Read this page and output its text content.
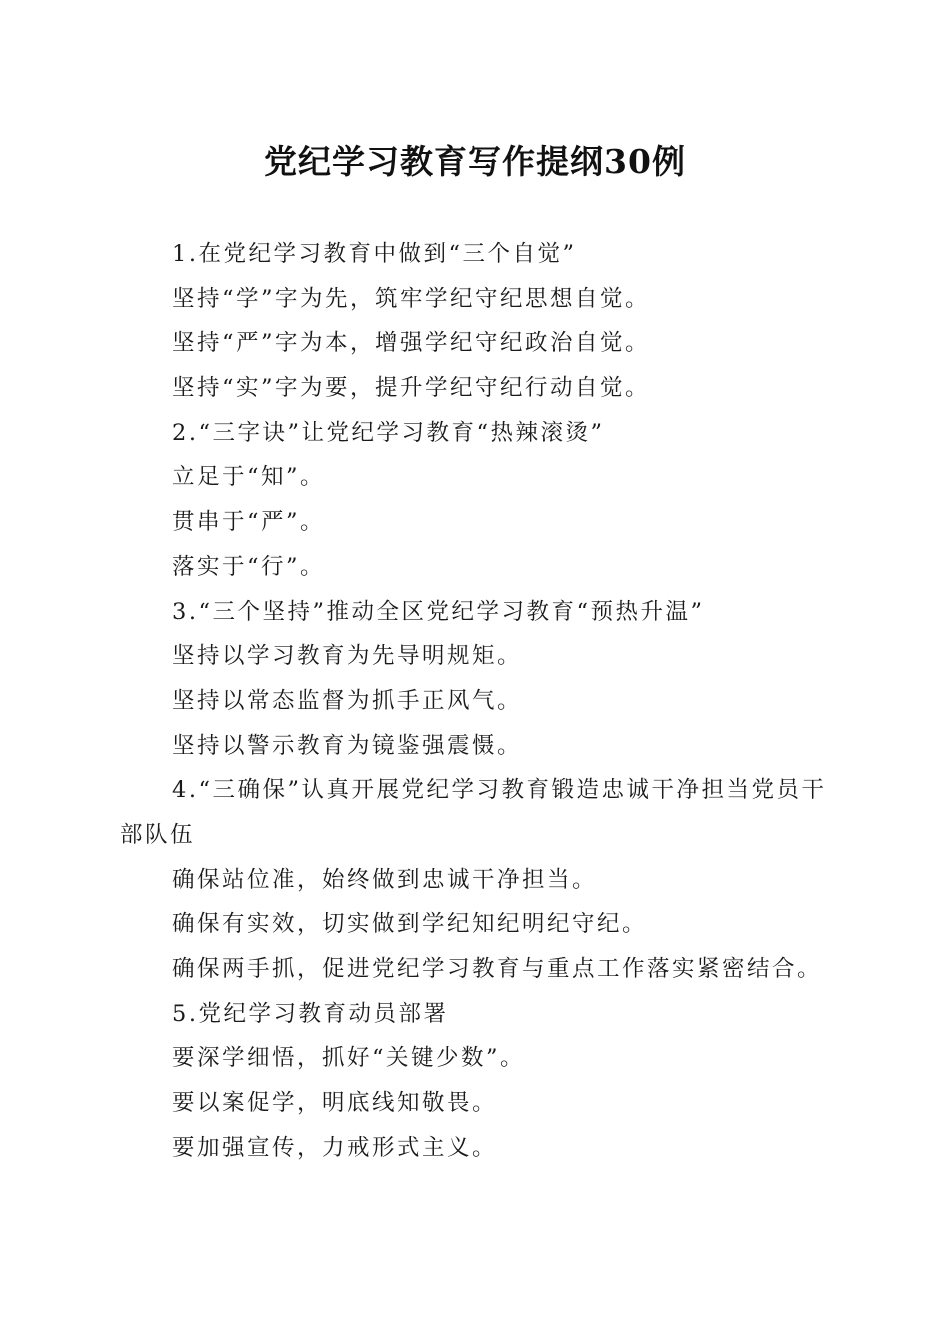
党纪学习教育写作提纲30例
1.在党纪学习教育中做到“三个自觉”
坚持“学”字为先，筑牢学纪守纪思想自觉。
坚持“严”字为本，增强学纪守纪政治自觉。
坚持“实”字为要，提升学纪守纪行动自觉。
2.“三字诀”让党纪学习教育“热辣滚烫”
立足于“知”。
贯串于“严”。
落实于“行”。
3.“三个坚持”推动全区党纪学习教育“预热升温”
坚持以学习教育为先导明规矩。
坚持以常态监督为抓手正风气。
坚持以警示教育为镜鉴强震慑。
4.“三确保”认真开展党纪学习教育锻造忠诚干净担当党员干部队伍
确保站位准，始终做到忠诚干净担当。
确保有实效，切实做到学纪知纪明纪守纪。
确保两手抓，促进党纪学习教育与重点工作落实紧密结合。
5.党纪学习教育动员部署
要深学细悟，抓好“关键少数”。
要以案促学，明底线知敬畏。
要加强宣传，力戒形式主义。
